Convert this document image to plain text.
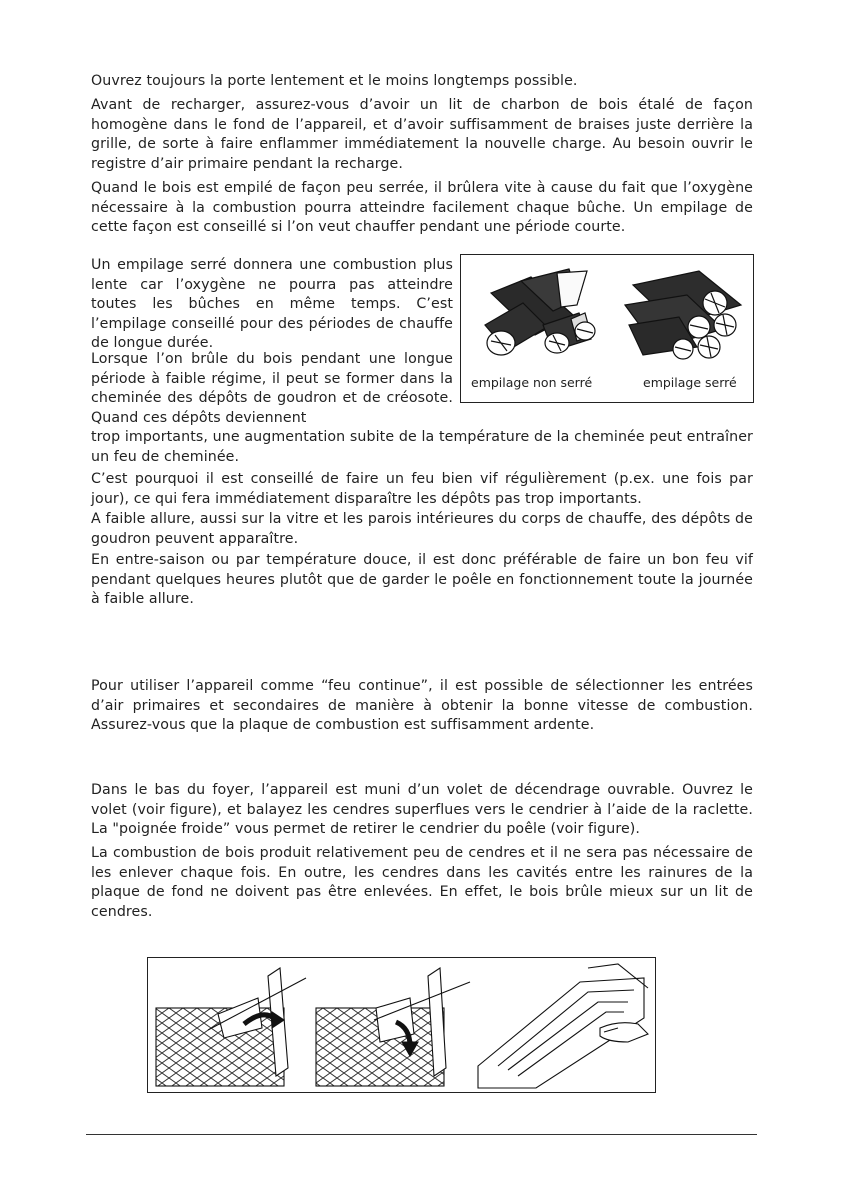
Ouvrez toujours la porte lentement et le moins longtemps possible.

Avant de recharger, assurez-vous d’avoir un lit de charbon de bois étalé de façon homogène dans le fond de l’appareil, et d’avoir suffisamment de braises juste derrière la grille, de sorte à faire enflammer immédiatement la nouvelle charge. Au besoin ouvrir le registre d’air primaire pendant la recharge.

Quand le bois est empilé de façon peu serrée, il brûlera vite à cause du fait que l’oxygène nécessaire à la combustion pourra atteindre facilement chaque bûche. Un empilage de cette façon est conseillé si l’on veut chauffer pendant une période courte.

Un empilage serré donnera une combustion plus lente car l’oxygène ne pourra pas atteindre toutes les bûches en même temps. C’est l’empilage conseillé pour des périodes de chauffe de longue durée.

Lorsque l’on brûle du bois pendant une longue période à faible régime, il peut se former dans la cheminée des dépôts de goudron et de créosote. Quand ces dépôts deviennent

trop importants, une augmentation subite de la température de la cheminée peut entraîner un feu de cheminée.

C’est pourquoi il est conseillé de faire un feu bien vif régulièrement (p.ex. une fois par jour), ce qui fera immédiatement disparaître les dépôts pas trop importants.

A faible allure, aussi sur la vitre et les parois intérieures du corps de chauffe, des dépôts de goudron peuvent apparaître.

En entre-saison ou par température douce, il est donc préférable de faire un bon feu vif pendant quelques heures plutôt que de garder le poêle en fonctionnement toute la journée à faible allure.

Pour utiliser l’appareil comme “feu continue”, il est possible de sélectionner les entrées d’air primaires et secondaires de manière à obtenir la bonne vitesse de combustion. Assurez-vous que la plaque de combustion est suffisamment ardente.

Dans le bas du foyer, l’appareil est muni d’un volet de décendrage ouvrable. Ouvrez le volet (voir figure), et balayez les cendres superflues vers le cendrier à l’aide de la raclette. La "poignée froide” vous permet de retirer le cendrier du poêle (voir figure).

La combustion de bois produit relativement peu de cendres et il ne sera pas nécessaire de les enlever chaque fois. En outre, les cendres dans les cavités entre les rainures de la plaque de fond ne doivent pas être enlevées. En effet, le bois brûle mieux sur un lit de cendres.

empilage non serré	empilage serré
